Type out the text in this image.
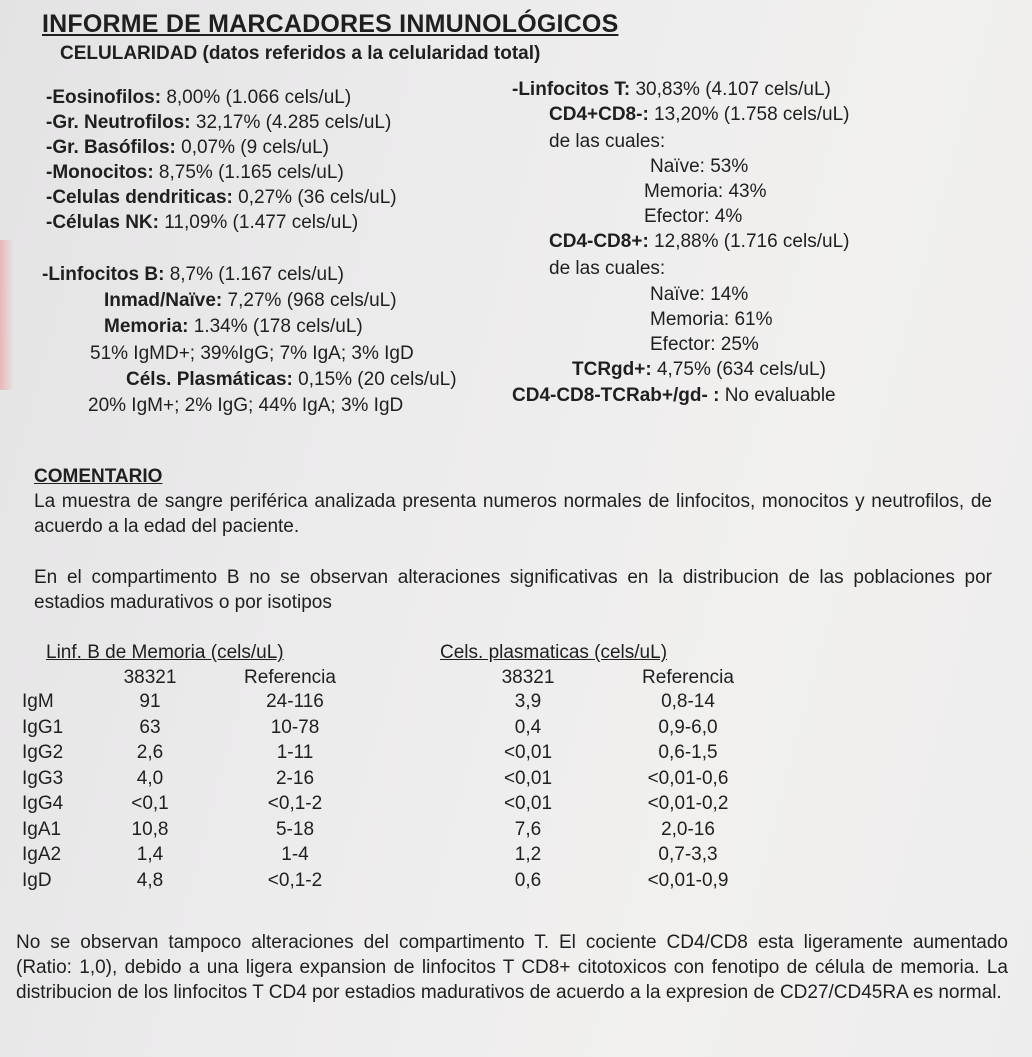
INFORME DE MARCADORES INMUNOLÓGICOS
CELULARIDAD (datos referidos a la celularidad total)
-Eosinofilos: 8,00% (1.066 cels/uL)
-Gr. Neutrofilos: 32,17% (4.285 cels/uL)
-Gr. Basófilos: 0,07% (9 cels/uL)
-Monocitos: 8,75% (1.165 cels/uL)
-Celulas dendriticas: 0,27% (36 cels/uL)
-Células NK: 11,09% (1.477 cels/uL)
-Linfocitos B: 8,7% (1.167 cels/uL)
Inmad/Naïve: 7,27% (968 cels/uL)
Memoria: 1.34% (178 cels/uL)
51% IgMD+; 39%IgG; 7% IgA; 3% IgD
Céls. Plasmáticas: 0,15% (20 cels/uL)
20% IgM+; 2% IgG; 44% IgA; 3% IgD
-Linfocitos T: 30,83% (4.107 cels/uL)
CD4+CD8-: 13,20% (1.758 cels/uL)
de las cuales:
Naïve: 53%
Memoria: 43%
Efector: 4%
CD4-CD8+: 12,88% (1.716 cels/uL)
de las cuales:
Naïve: 14%
Memoria: 61%
Efector: 25%
TCRgd+: 4,75% (634 cels/uL)
CD4-CD8-TCRab+/gd- : No evaluable
COMENTARIO
La muestra de sangre periférica analizada presenta numeros normales de linfocitos, monocitos y neutrofilos, de acuerdo a la edad del paciente.
En el compartimento B no se observan alteraciones significativas en la distribucion de las poblaciones por estadios madurativos o por isotipos
Linf. B de Memoria (cels/uL)	Cels. plasmaticas (cels/uL)
38321	Referencia	38321	Referencia
IgM	91	24-116	3,9	0,8-14
IgG1	63	10-78	0,4	0,9-6,0
IgG2	2,6	1-11	<0,01	0,6-1,5
IgG3	4,0	2-16	<0,01	<0,01-0,6
IgG4	<0,1	<0,1-2	<0,01	<0,01-0,2
IgA1	10,8	5-18	7,6	2,0-16
IgA2	1,4	1-4	1,2	0,7-3,3
IgD	4,8	<0,1-2	0,6	<0,01-0,9
No se observan tampoco alteraciones del compartimento T. El cociente CD4/CD8 esta ligeramente aumentado (Ratio: 1,0), debido a una ligera expansion de linfocitos T CD8+ citotoxicos con fenotipo de célula de memoria. La distribucion de los linfocitos T CD4 por estadios madurativos de acuerdo a la expresion de CD27/CD45RA es normal.
